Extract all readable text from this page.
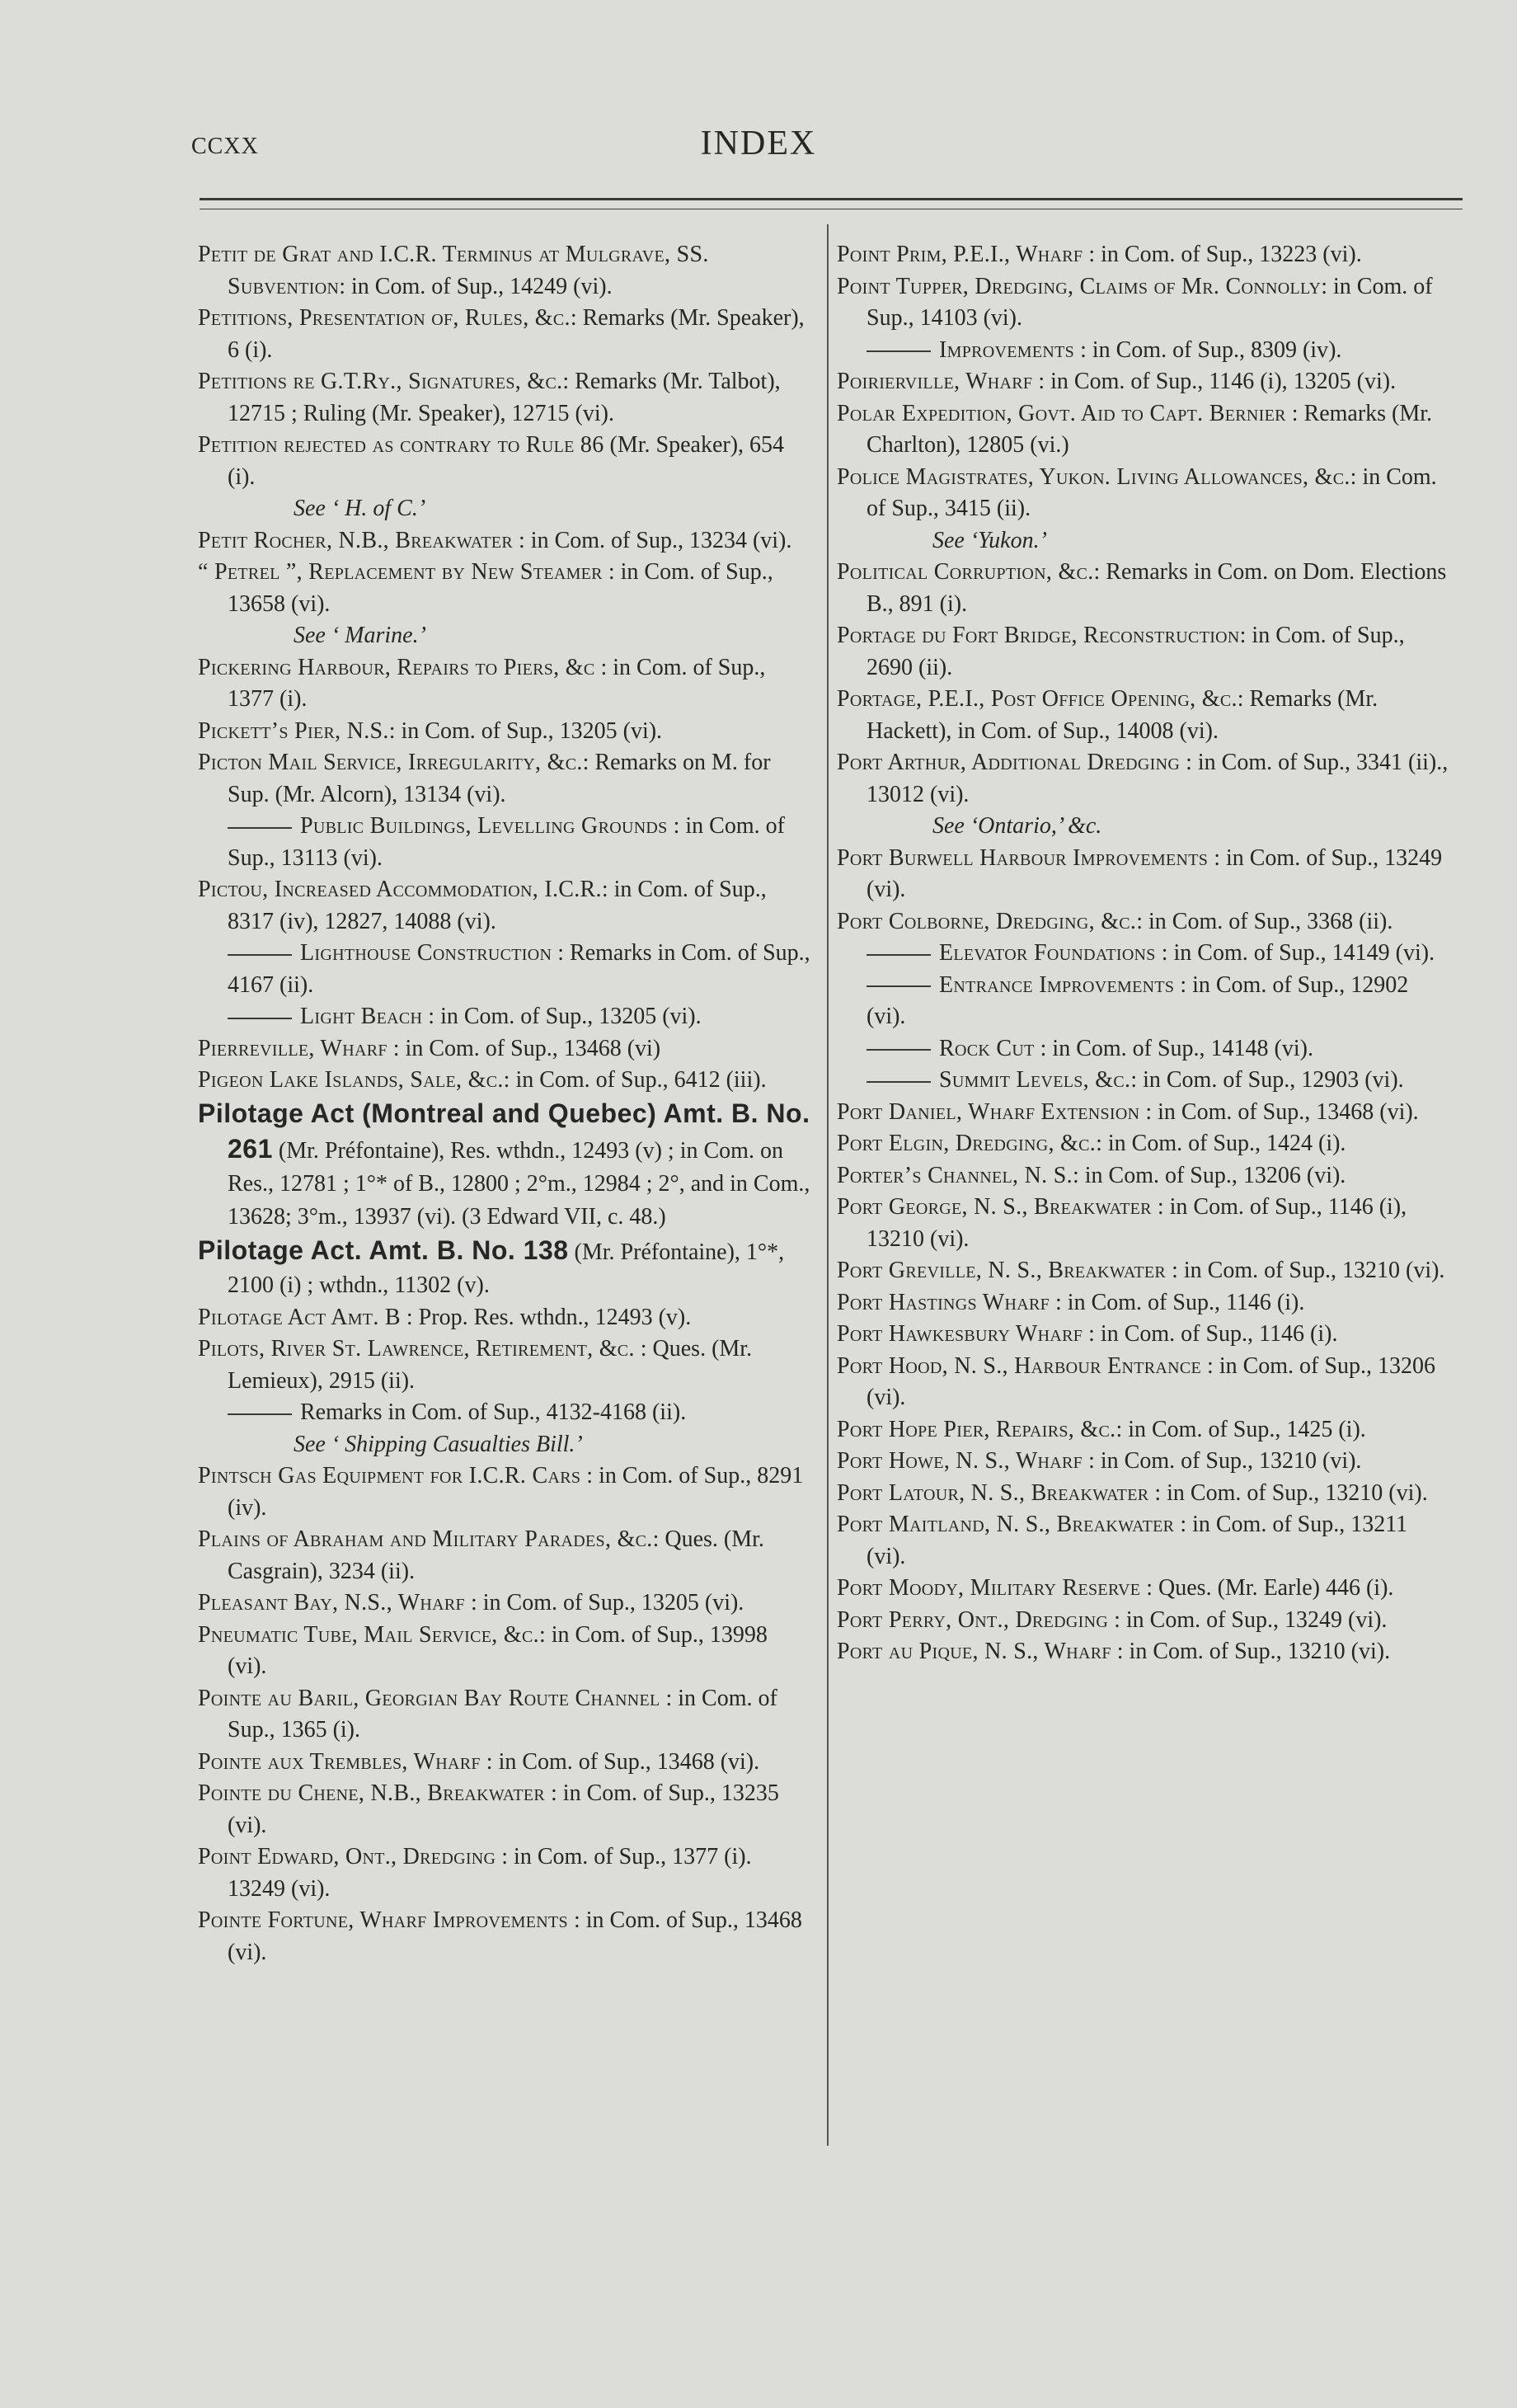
CCXX	INDEX
Petit de Grat and I.C.R. Terminus at Mulgrave, SS. Subvention: in Com. of Sup., 14249 (vi).
Petitions, Presentation of, Rules, &c.: Remarks (Mr. Speaker), 6 (i).
Petitions re G.T.Ry., Signatures, &c.: Remarks (Mr. Talbot), 12715 ; Ruling (Mr. Speaker), 12715 (vi).
Petition rejected as contrary to Rule 86 (Mr. Speaker), 654 (i).
See ‘ H. of C.’
Petit Rocher, N.B., Breakwater : in Com. of Sup., 13234 (vi).
“ Petrel ”, Replacement by New Steamer : in Com. of Sup., 13658 (vi).
See ‘ Marine.’
Pickering Harbour, Repairs to Piers, &c : in Com. of Sup., 1377 (i).
Pickett’s Pier, N.S.: in Com. of Sup., 13205 (vi).
Picton Mail Service, Irregularity, &c.: Remarks on M. for Sup. (Mr. Alcorn), 13134 (vi).
Public Buildings, Levelling Grounds : in Com. of Sup., 13113 (vi).
Pictou, Increased Accommodation, I.C.R.: in Com. of Sup., 8317 (iv), 12827, 14088 (vi).
Lighthouse Construction : Remarks in Com. of Sup., 4167 (ii).
Light Beach : in Com. of Sup., 13205 (vi).
Pierreville, Wharf : in Com. of Sup., 13468 (vi)
Pigeon Lake Islands, Sale, &c.: in Com. of Sup., 6412 (iii).
Pilotage Act (Montreal and Quebec) Amt. B. No. 261 (Mr. Préfontaine), Res. wthdn., 12493 (v) ; in Com. on Res., 12781 ; 1°* of B., 12800 ; 2°m., 12984 ; 2°, and in Com., 13628; 3°m., 13937 (vi). (3 Edward VII, c. 48.)
Pilotage Act. Amt. B. No. 138 (Mr. Préfontaine), 1°*, 2100 (i) ; wthdn., 11302 (v).
Pilotage Act Amt. B : Prop. Res. wthdn., 12493 (v).
Pilots, River St. Lawrence, Retirement, &c. : Ques. (Mr. Lemieux), 2915 (ii).
Remarks in Com. of Sup., 4132-4168 (ii).
See ‘ Shipping Casualties Bill.’
Pintsch Gas Equipment for I.C.R. Cars : in Com. of Sup., 8291 (iv).
Plains of Abraham and Military Parades, &c.: Ques. (Mr. Casgrain), 3234 (ii).
Pleasant Bay, N.S., Wharf : in Com. of Sup., 13205 (vi).
Pneumatic Tube, Mail Service, &c.: in Com. of Sup., 13998 (vi).
Pointe au Baril, Georgian Bay Route Channel : in Com. of Sup., 1365 (i).
Pointe aux Trembles, Wharf : in Com. of Sup., 13468 (vi).
Pointe du Chene, N.B., Breakwater : in Com. of Sup., 13235 (vi).
Point Edward, Ont., Dredging : in Com. of Sup., 1377 (i). 13249 (vi).
Pointe Fortune, Wharf Improvements : in Com. of Sup., 13468 (vi).
Point Prim, P.E.I., Wharf : in Com. of Sup., 13223 (vi).
Point Tupper, Dredging, Claims of Mr. Connolly: in Com. of Sup., 14103 (vi).
Improvements : in Com. of Sup., 8309 (iv).
Poirierville, Wharf : in Com. of Sup., 1146 (i), 13205 (vi).
Polar Expedition, Govt. Aid to Capt. Bernier : Remarks (Mr. Charlton), 12805 (vi.)
Police Magistrates, Yukon. Living Allowances, &c.: in Com. of Sup., 3415 (ii).
See ‘Yukon.’
Political Corruption, &c.: Remarks in Com. on Dom. Elections B., 891 (i).
Portage du Fort Bridge, Reconstruction: in Com. of Sup., 2690 (ii).
Portage, P.E.I., Post Office Opening, &c.: Remarks (Mr. Hackett), in Com. of Sup., 14008 (vi).
Port Arthur, Additional Dredging : in Com. of Sup., 3341 (ii)., 13012 (vi).
See ‘Ontario,’ &c.
Port Burwell Harbour Improvements : in Com. of Sup., 13249 (vi).
Port Colborne, Dredging, &c.: in Com. of Sup., 3368 (ii).
Elevator Foundations : in Com. of Sup., 14149 (vi).
Entrance Improvements : in Com. of Sup., 12902 (vi).
Rock Cut : in Com. of Sup., 14148 (vi).
Summit Levels, &c.: in Com. of Sup., 12903 (vi).
Port Daniel, Wharf Extension : in Com. of Sup., 13468 (vi).
Port Elgin, Dredging, &c.: in Com. of Sup., 1424 (i).
Porter’s Channel, N. S.: in Com. of Sup., 13206 (vi).
Port George, N. S., Breakwater : in Com. of Sup., 1146 (i), 13210 (vi).
Port Greville, N. S., Breakwater : in Com. of Sup., 13210 (vi).
Port Hastings Wharf : in Com. of Sup., 1146 (i).
Port Hawkesbury Wharf : in Com. of Sup., 1146 (i).
Port Hood, N. S., Harbour Entrance : in Com. of Sup., 13206 (vi).
Port Hope Pier, Repairs, &c.: in Com. of Sup., 1425 (i).
Port Howe, N. S., Wharf : in Com. of Sup., 13210 (vi).
Port Latour, N. S., Breakwater : in Com. of Sup., 13210 (vi).
Port Maitland, N. S., Breakwater : in Com. of Sup., 13211 (vi).
Port Moody, Military Reserve : Ques. (Mr. Earle) 446 (i).
Port Perry, Ont., Dredging : in Com. of Sup., 13249 (vi).
Port au Pique, N. S., Wharf : in Com. of Sup., 13210 (vi).
